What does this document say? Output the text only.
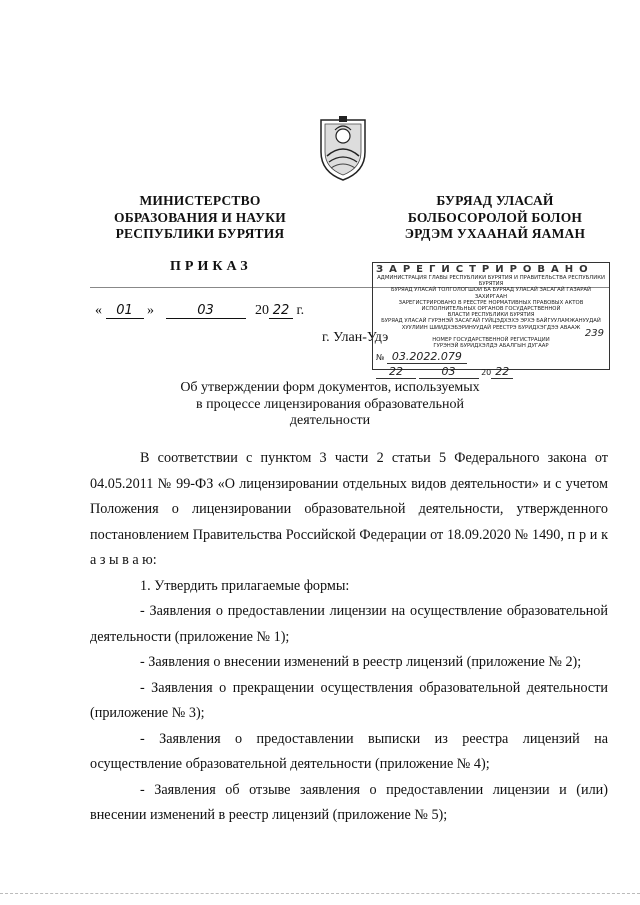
МИНИСТЕРСТВО
ОБРАЗОВАНИЯ И НАУКИ
РЕСПУБЛИКИ БУРЯТИЯ
БУРЯАД УЛАСАЙ
БОЛБОСОРОЛОЙ БОЛОН
ЭРДЭМ УХААНАЙ ЯАМАН
ПРИКАЗ
« 01 »	03	20 22 г.
г. Улан-Удэ
ЗАРЕГИСТРИРОВАНО
АДМИНИСТРАЦИЯ ГЛАВЫ РЕСПУБЛИКИ БУРЯТИЯ И ПРАВИТЕЛЬСТВА РЕСПУБЛИКИ БУРЯТИЯ
БУРЯАД УЛАСАЙ ТОЛГОЛОГШОИ БА БУРЯАД УЛАСАЙ ЗАСАГАЙ ГАЗАРАЙ ЗАХИРГААН
ЗАРЕГИСТРИРОВАНО В РЕЕСТРЕ НОРМАТИВНЫХ ПРАВОВЫХ АКТОВ
ИСПОЛНИТЕЛЬНЫХ ОРГАНОВ ГОСУДАРСТВЕННОЙ
ВЛАСТИ РЕСПУБЛИКИ БУРЯТИЯ
БУРЯАД УЛАСАЙ ГУРЭНЭЙ ЗАСАГАЙ ГУЙЦЭДХЭХЭ ЭРХЭ БАЙГУУЛАМЖАНУУДАЙ
ХУУЛИИН ШИИДХЭБЭРИНУУДАЙ РЕЕСТРЭ БУРИДХЭГДЭЭ АВААЖ
239
НОМЕР ГОСУДАРСТВЕННОЙ РЕГИСТРАЦИИ
ГУРЭНЭЙ БУРИДХЭЛДЭ АБАЛГЫН ДУГААР
№ 03.2022.079
22	03	20 22
Об утверждении форм документов, используемых
в процессе лицензирования образовательной деятельности

В соответствии с пунктом 3 части 2 статьи 5 Федерального закона от 04.05.2011 № 99-ФЗ «О лицензировании отдельных видов деятельности» и с учетом Положения о лицензировании образовательной деятельности, утвержденного постановлением Правительства Российской Федерации от 18.09.2020 № 1490, п р и к а з ы в а ю:

1. Утвердить прилагаемые формы:

- Заявления о предоставлении лицензии на осуществление образовательной деятельности (приложение № 1);

- Заявления о внесении изменений в реестр лицензий (приложение № 2);

- Заявления о прекращении осуществления образовательной деятельности (приложение № 3);

- Заявления о предоставлении выписки из реестра лицензий на осуществление образовательной деятельности (приложение № 4);

- Заявления об отзыве заявления о предоставлении лицензии и (или) внесении изменений в реестр лицензий (приложение № 5);
